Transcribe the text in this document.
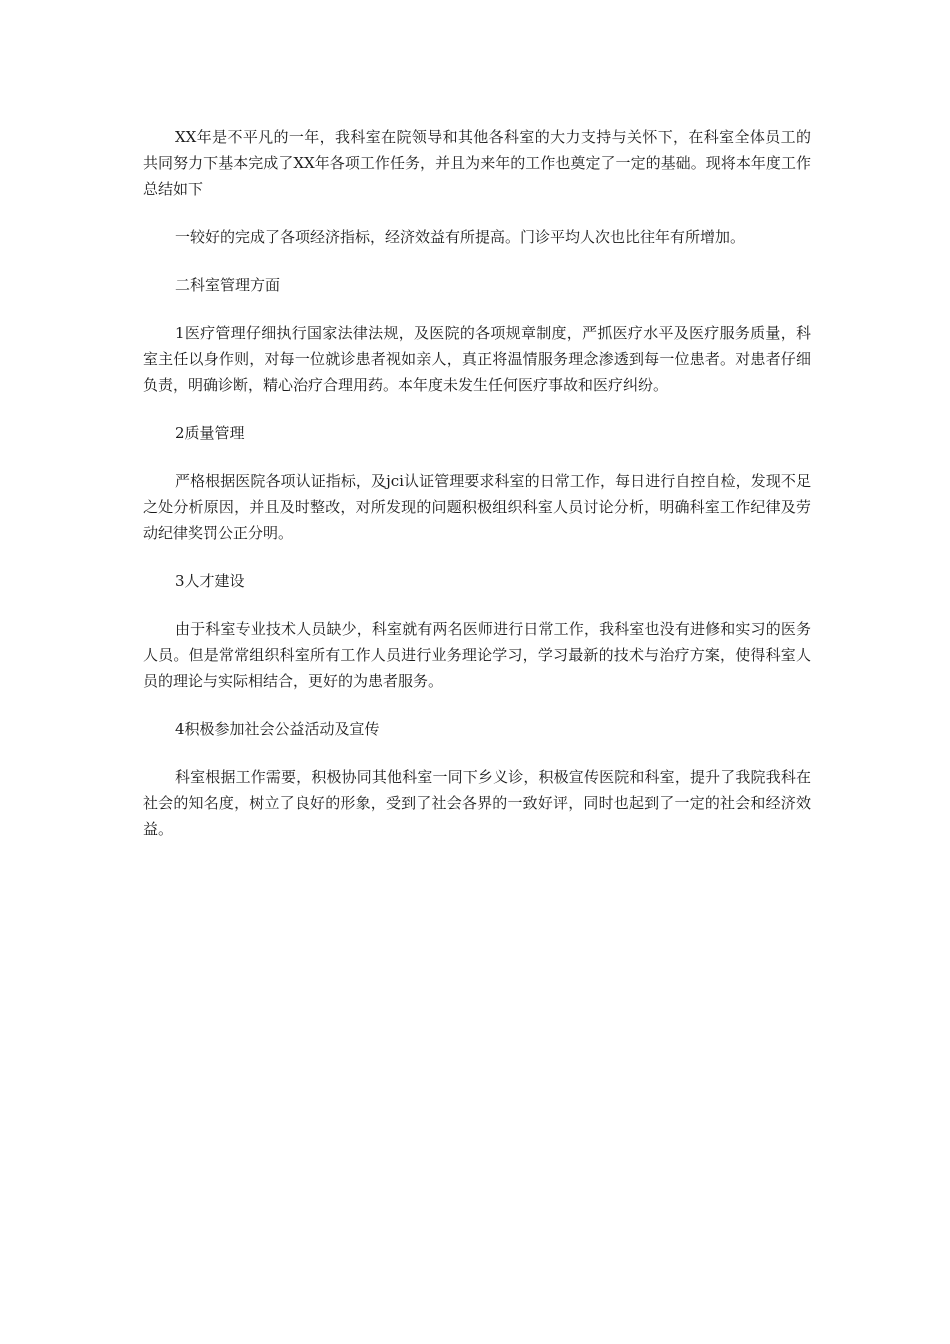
XX年是不平凡的一年，我科室在院领导和其他各科室的大力支持与关怀下，在科室全体员工的共同努力下基本完成了XX年各项工作任务，并且为来年的工作也奠定了一定的基础。现将本年度工作总结如下

一较好的完成了各项经济指标，经济效益有所提高。门诊平均人次也比往年有所增加。

二科室管理方面

1医疗管理仔细执行国家法律法规，及医院的各项规章制度，严抓医疗水平及医疗服务质量，科室主任以身作则，对每一位就诊患者视如亲人，真正将温情服务理念渗透到每一位患者。对患者仔细负责，明确诊断，精心治疗合理用药。本年度未发生任何医疗事故和医疗纠纷。

2质量管理

严格根据医院各项认证指标，及jci认证管理要求科室的日常工作，每日进行自控自检，发现不足之处分析原因，并且及时整改，对所发现的问题积极组织科室人员讨论分析，明确科室工作纪律及劳动纪律奖罚公正分明。

3人才建设

由于科室专业技术人员缺少，科室就有两名医师进行日常工作，我科室也没有进修和实习的医务人员。但是常常组织科室所有工作人员进行业务理论学习，学习最新的技术与治疗方案，使得科室人员的理论与实际相结合，更好的为患者服务。

4积极参加社会公益活动及宣传

科室根据工作需要，积极协同其他科室一同下乡义诊，积极宣传医院和科室，提升了我院我科在社会的知名度，树立了良好的形象，受到了社会各界的一致好评，同时也起到了一定的社会和经济效益。
